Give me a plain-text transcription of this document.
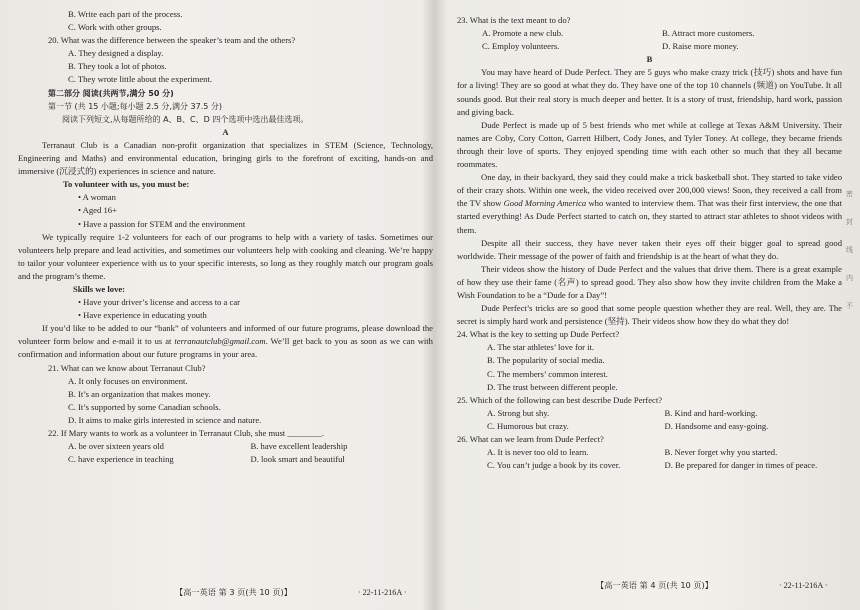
B. Write each part of the process.

C. Work with other groups.

20. What was the difference between the speaker’s team and the others?

A. They designed a display.

B. They took a lot of photos.

C. They wrote little about the experiment.

第二部分 阅读(共两节,满分 50 分)

第一节 (共 15 小题;每小题 2.5 分,满分 37.5 分)

阅读下列短文,从每题所给的 A、B、C、D 四个选项中选出最佳选项。

A

Terranaut Club is a Canadian non-profit organization that specializes in STEM (Science, Technology, Engineering and Maths) and environmental education, bringing girls to the forefront of exciting, hands-on and immersive (沉浸式的) experiences in science and nature.

To volunteer with us, you must be:

• A woman

• Aged 16+

• Have a passion for STEM and the environment

We typically require 1-2 volunteers for each of our programs to help with a variety of tasks. Sometimes our volunteers help prepare and lead activities, and sometimes our volunteers help with cooking and cleaning. We’re happy to tailor your volunteer experience with us to your specific interests, so long as they roughly match our program goals and the program’s theme.

Skills we love:

• Have your driver’s license and access to a car

• Have experience in educating youth

If you’d like to be added to our “bank” of volunteers and informed of our future programs, please download the volunteer form below and e-mail it to us at terranautclub@gmail.com. We’ll get back to you as soon as we can with confirmation and information about our future programs in your area.

21. What can we know about Terranaut Club?

A. It only focuses on environment.

B. It’s an organization that makes money.

C. It’s supported by some Canadian schools.

D. It aims to make girls interested in science and nature.

22. If Mary wants to work as a volunteer in Terranaut Club, she must ________.

A. be over sixteen years old	B. have excellent leadership
C. have experience in teaching	D. look smart and beautiful
【高一英语 第 3 页(共 10 页)】	· 22-11-216A ·

23. What is the text meant to do?

A. Promote a new club.	B. Attract more customers.
C. Employ volunteers.	D. Raise more money.

B

You may have heard of Dude Perfect. They are 5 guys who make crazy trick (技巧) shots and have fun for a living! They are so good at what they do. They have one of the top 10 channels (频道) on YouTube. It all sounds good. But their real story is much deeper and better. It is a story of trust, friendship, hard work, passion and giving back.

Dude Perfect is made up of 5 best friends who met while at college at Texas A&M University. Their names are Coby, Cory Cotton, Garrett Hilbert, Cody Jones, and Tyler Toney. At college, they became friends through their love of sports. They enjoyed spending time with each other so much that they all became roommates.

One day, in their backyard, they said they could make a trick basketball shot. They started to take video of their crazy shots. Within one week, the video received over 200,000 views! Soon, they received a call from the TV show Good Morning America who wanted to interview them. That was their first interview, the one that started everything! As Dude Perfect started to catch on, they started to attract star athletes to shoot videos with them.

Despite all their success, they have never taken their eyes off their bigger goal to spread good worldwide. Their message of the power of faith and friendship is at the heart of what they do.

Their videos show the history of Dude Perfect and the values that drive them. There is a great example of how they use their fame (名声) to spread good. They also show how they invite children from the Make a Wish Foundation to be a “Dude for a Day”!

Dude Perfect’s tricks are so good that some people question whether they are real. Well, they are. The secret is simply hard work and persistence (坚持). Their videos show how they do what they do!

24. What is the key to setting up Dude Perfect?

A. The star athletes’ love for it.

B. The popularity of social media.

C. The members’ common interest.

D. The trust between different people.

25. Which of the following can best describe Dude Perfect?

A. Strong but shy.	B. Kind and hard-working.
C. Humorous but crazy.	D. Handsome and easy-going.

26. What can we learn from Dude Perfect?

A. It is never too old to learn.	B. Never forget why you started.
C. You can’t judge a book by its cover.	D. Be prepared for danger in times of peace.
【高一英语 第 4 页(共 10 页)】	· 22-11-216A ·
密
封
线
内
不
